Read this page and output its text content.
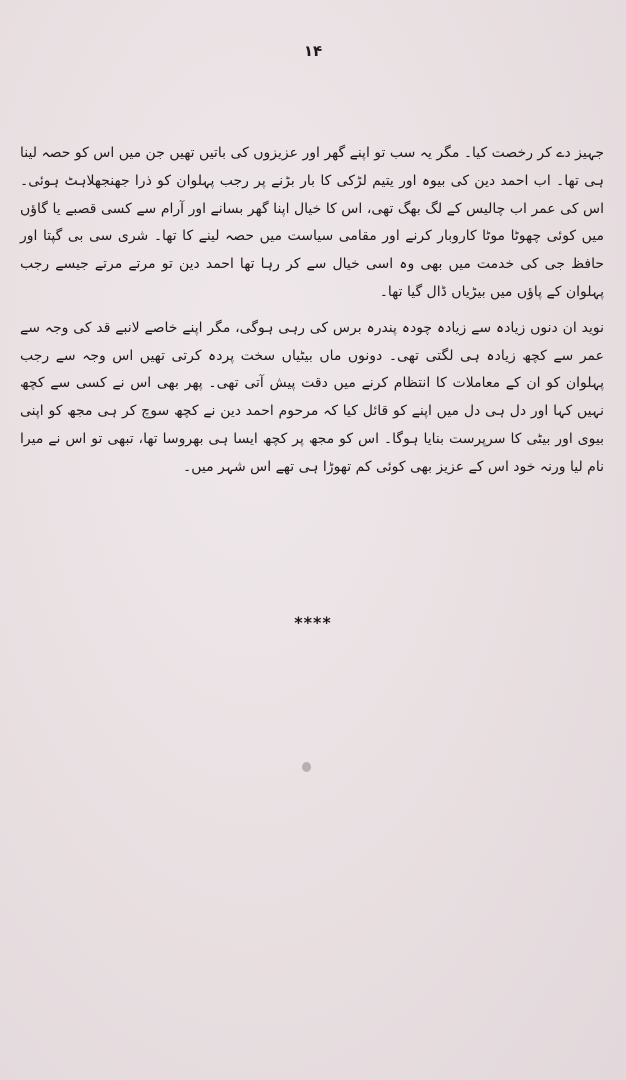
۱۴

جہیز دے کر رخصت کیا۔ مگر یہ سب تو اپنے گھر اور عزیزوں کی باتیں تھیں جن میں اس کو حصہ لینا ہی تھا۔ اب احمد دین کی بیوہ اور یتیم لڑکی کا بار بڑنے پر رجب پہلوان کو ذرا جھنجھلاہٹ ہوئی۔ اس کی عمر اب چالیس کے لگ بھگ تھی، اس کا خیال اپنا گھر بسانے اور آرام سے کسی قصبے یا گاؤں میں کوئی چھوٹا موٹا کاروبار کرنے اور مقامی سیاست میں حصہ لینے کا تھا۔ شری سی بی گپتا اور حافظ جی کی خدمت میں بھی وہ اسی خیال سے کر رہا تھا احمد دین تو مرتے مرتے جیسے رجب پہلوان کے پاؤں میں بیڑیاں ڈال گیا تھا۔

نوید ان دنوں زیادہ سے زیادہ چودہ پندرہ برس کی رہی ہوگی، مگر اپنے خاصے لانبے قد کی وجہ سے عمر سے کچھ زیادہ ہی لگتی تھی۔ دونوں ماں بیٹیاں سخت پردہ کرتی تھیں اس وجہ سے رجب پہلوان کو ان کے معاملات کا انتظام کرنے میں دقت پیش آتی تھی۔ پھر بھی اس نے کسی سے کچھ نہیں کہا اور دل ہی دل میں اپنے کو قائل کیا کہ مرحوم احمد دین نے کچھ سوچ کر ہی مجھ کو اپنی بیوی اور بیٹی کا سرپرست بنایا ہوگا۔ اس کو مجھ پر کچھ ایسا ہی بھروسا تھا، تبھی تو اس نے میرا نام لیا ورنہ خود اس کے عزیز بھی کوئی کم تھوڑا ہی تھے اس شہر میں۔

****
